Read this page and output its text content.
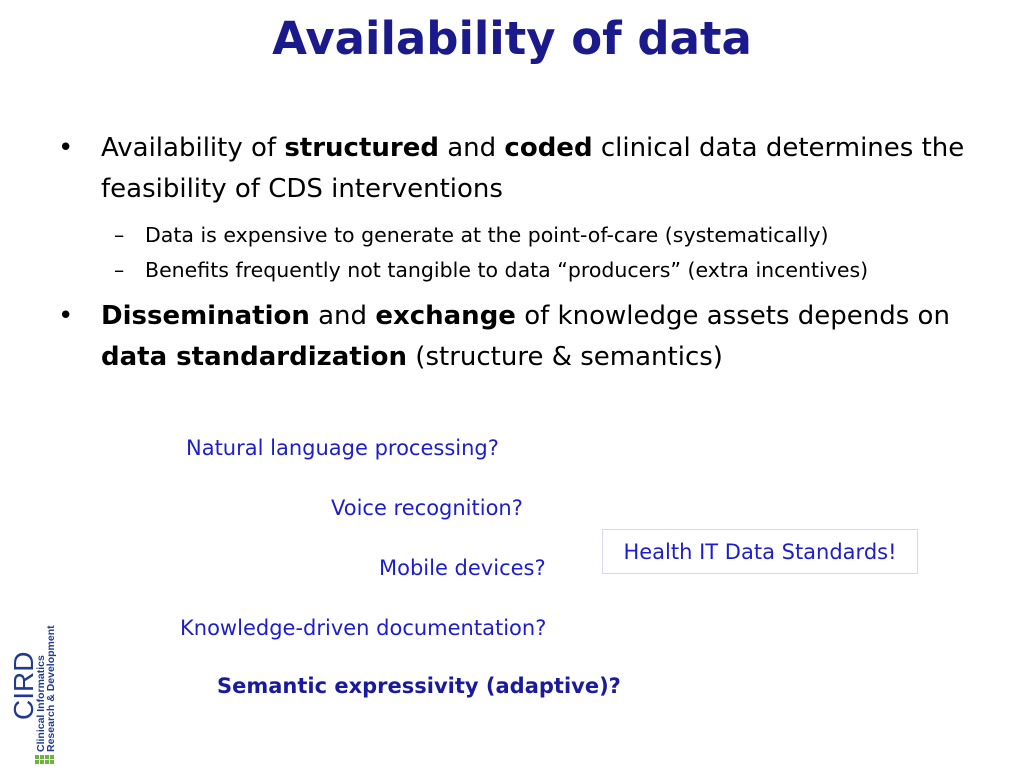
Availability of data
• Availability of structured and coded clinical data determines the feasibility of CDS interventions
– Data is expensive to generate at the point-of-care (systematically)
– Benefits frequently not tangible to data “producers” (extra incentives)
• Dissemination and exchange of knowledge assets depends on data standardization (structure & semantics)
Natural language processing?
Voice recognition?
Mobile devices?
Knowledge-driven documentation?
Semantic expressivity (adaptive)?
Health IT Data Standards!
CIRD
Clinical Informatics
Research & Development
